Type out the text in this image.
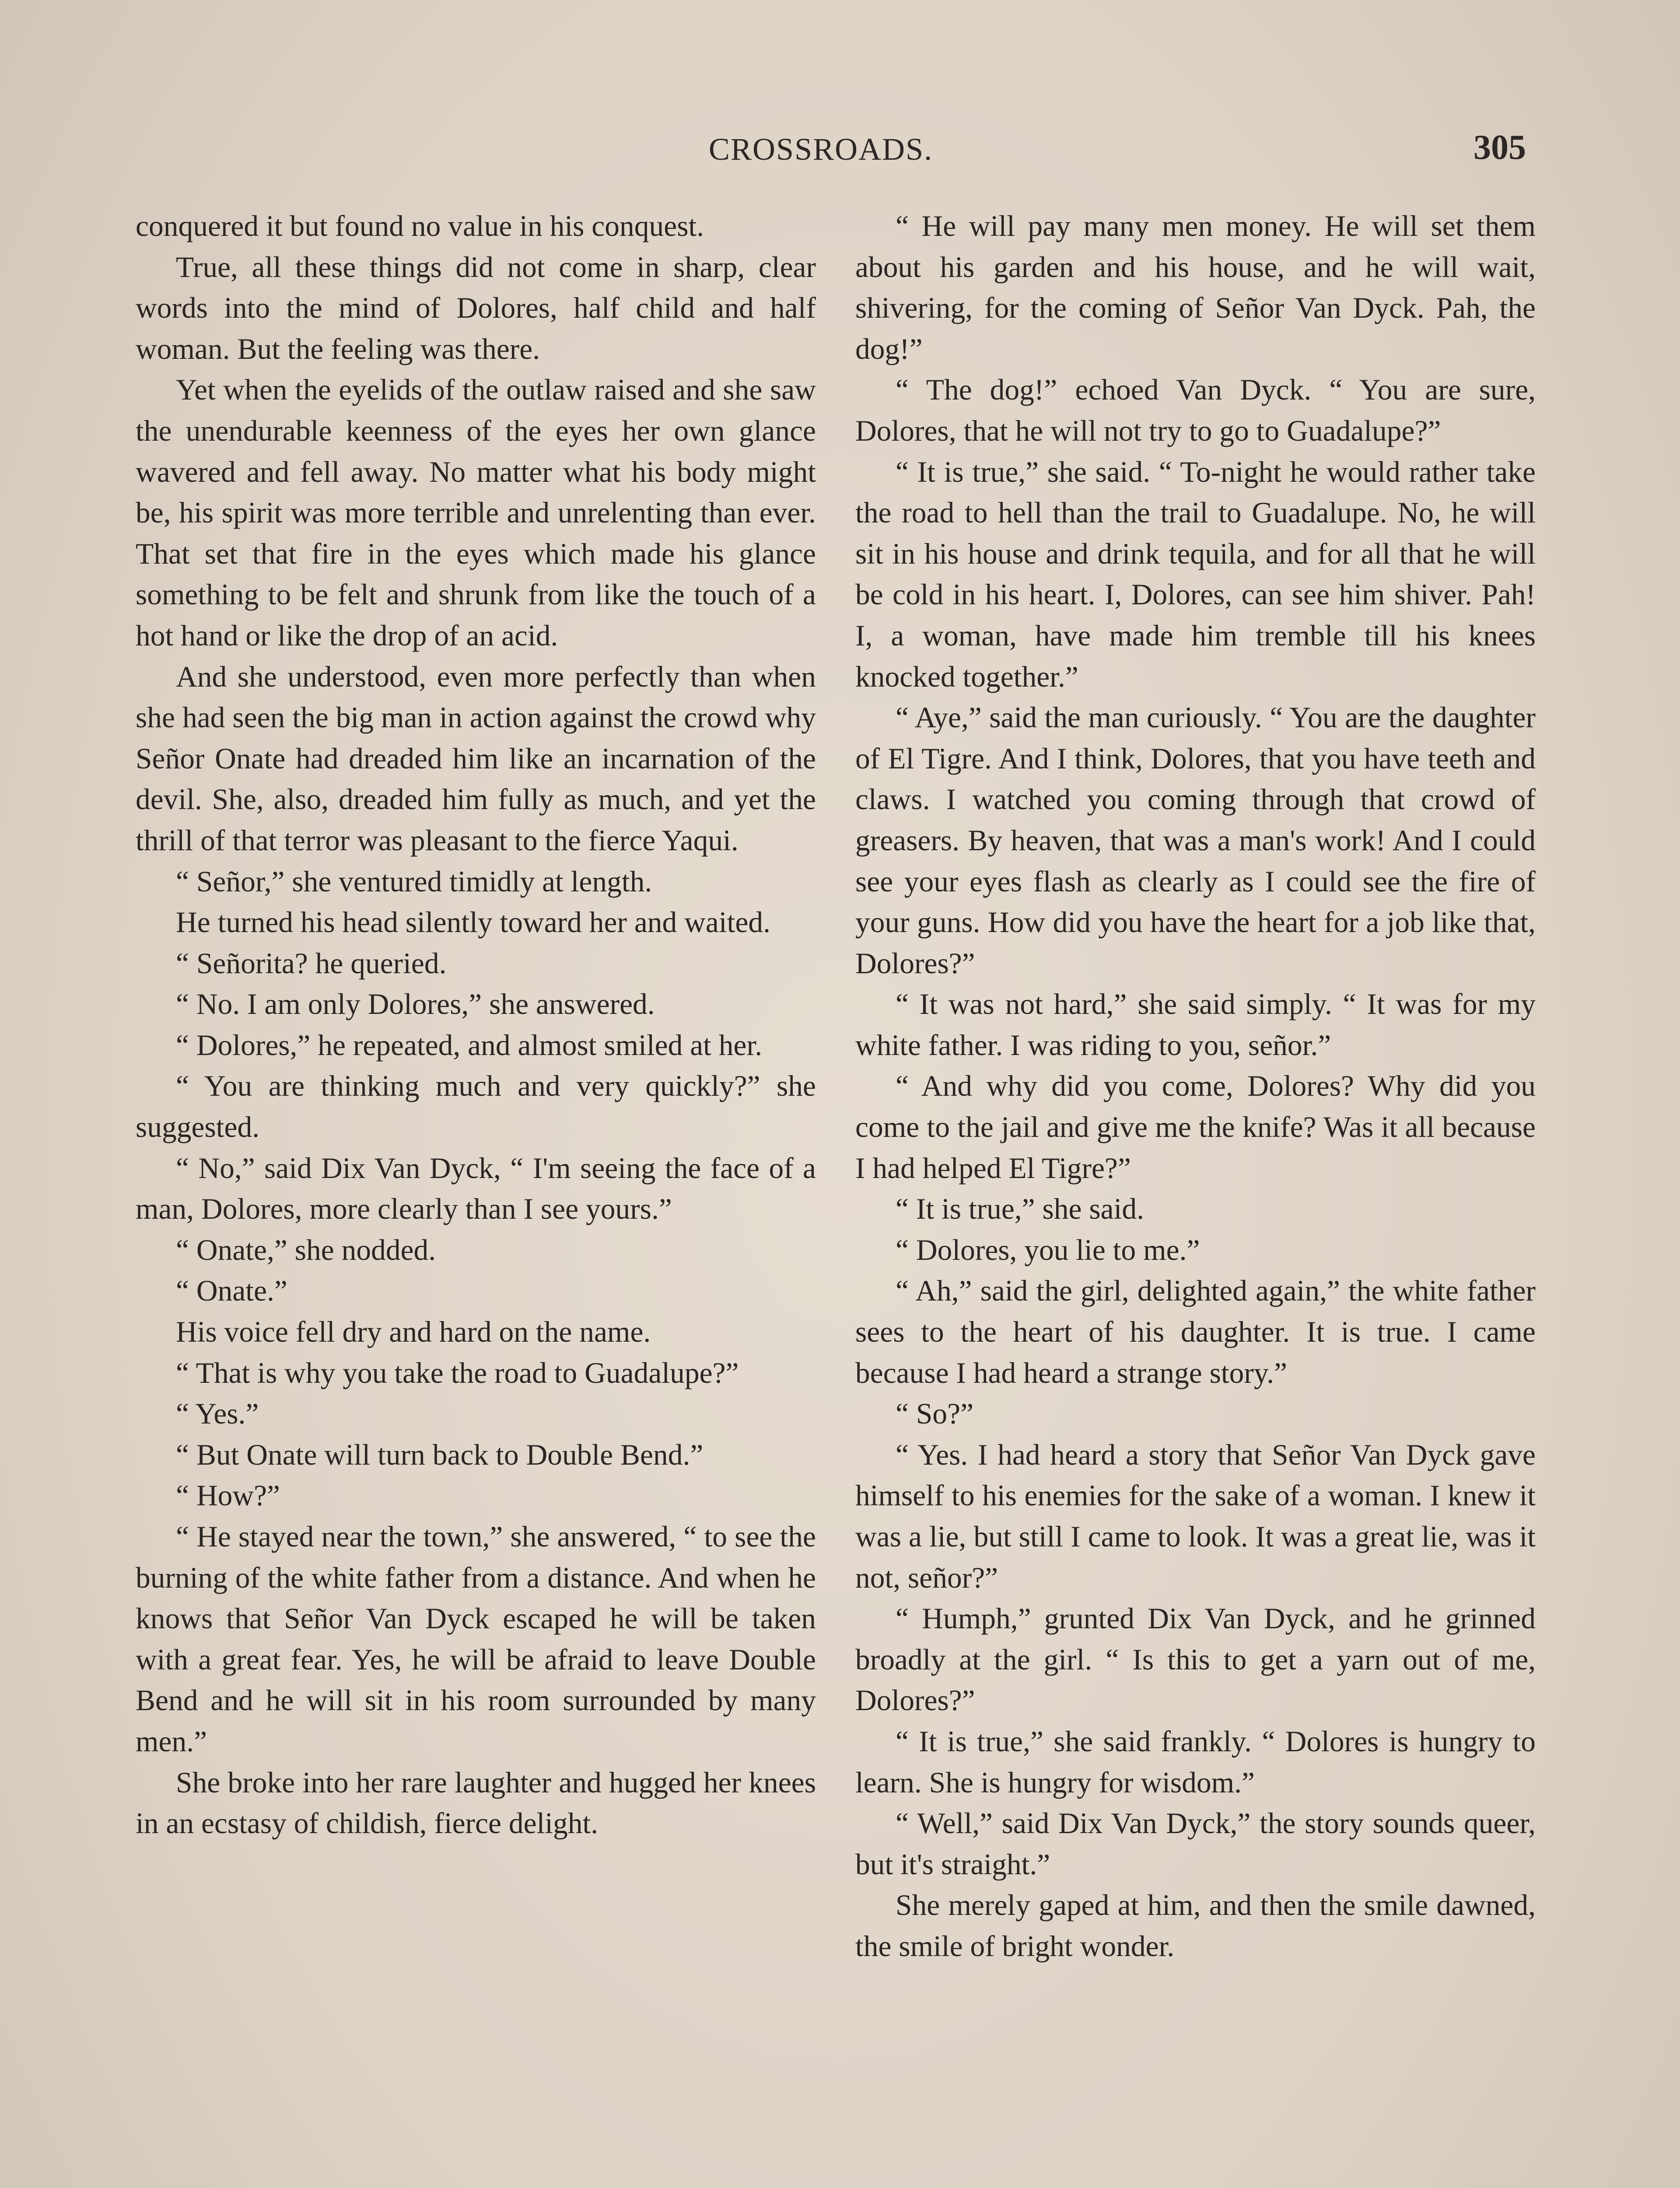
CROSSROADS.	305

conquered it but found no value in his conquest.

True, all these things did not come in sharp, clear words into the mind of Dolores, half child and half woman. But the feeling was there.

Yet when the eyelids of the outlaw raised and she saw the unendurable keenness of the eyes her own glance wavered and fell away. No matter what his body might be, his spirit was more terrible and unrelenting than ever. That set that fire in the eyes which made his glance something to be felt and shrunk from like the touch of a hot hand or like the drop of an acid.

And she understood, even more perfectly than when she had seen the big man in action against the crowd why Señor Onate had dreaded him like an incarnation of the devil. She, also, dreaded him fully as much, and yet the thrill of that terror was pleasant to the fierce Yaqui.

“ Señor,” she ventured timidly at length.

He turned his head silently toward her and waited.

“ Señorita? he queried.

“ No. I am only Dolores,” she answered.

“ Dolores,” he repeated, and almost smiled at her.

“ You are thinking much and very quickly?” she suggested.

“ No,” said Dix Van Dyck, “ I'm seeing the face of a man, Dolores, more clearly than I see yours.”

“ Onate,” she nodded.

“ Onate.”

His voice fell dry and hard on the name.

“ That is why you take the road to Guadalupe?”

“ Yes.”

“ But Onate will turn back to Double Bend.”

“ How?”

“ He stayed near the town,” she answered, “ to see the burning of the white father from a distance. And when he knows that Señor Van Dyck escaped he will be taken with a great fear. Yes, he will be afraid to leave Double Bend and he will sit in his room surrounded by many men.”

She broke into her rare laughter and hugged her knees in an ecstasy of childish, fierce delight.

“ He will pay many men money. He will set them about his garden and his house, and he will wait, shivering, for the coming of Señor Van Dyck. Pah, the dog!”

“ The dog!” echoed Van Dyck. “ You are sure, Dolores, that he will not try to go to Guadalupe?”

“ It is true,” she said. “ To-night he would rather take the road to hell than the trail to Guadalupe. No, he will sit in his house and drink tequila, and for all that he will be cold in his heart. I, Dolores, can see him shiver. Pah! I, a woman, have made him tremble till his knees knocked together.”

“ Aye,” said the man curiously. “ You are the daughter of El Tigre. And I think, Dolores, that you have teeth and claws. I watched you coming through that crowd of greasers. By heaven, that was a man's work! And I could see your eyes flash as clearly as I could see the fire of your guns. How did you have the heart for a job like that, Dolores?”

“ It was not hard,” she said simply. “ It was for my white father. I was riding to you, señor.”

“ And why did you come, Dolores? Why did you come to the jail and give me the knife? Was it all because I had helped El Tigre?”

“ It is true,” she said.

“ Dolores, you lie to me.”

“ Ah,” said the girl, delighted again,” the white father sees to the heart of his daughter. It is true. I came because I had heard a strange story.”

“ So?”

“ Yes. I had heard a story that Señor Van Dyck gave himself to his enemies for the sake of a woman. I knew it was a lie, but still I came to look. It was a great lie, was it not, señor?”

“ Humph,” grunted Dix Van Dyck, and he grinned broadly at the girl. “ Is this to get a yarn out of me, Dolores?”

“ It is true,” she said frankly. “ Dolores is hungry to learn. She is hungry for wisdom.”

“ Well,” said Dix Van Dyck,” the story sounds queer, but it's straight.”

She merely gaped at him, and then the smile dawned, the smile of bright wonder.
